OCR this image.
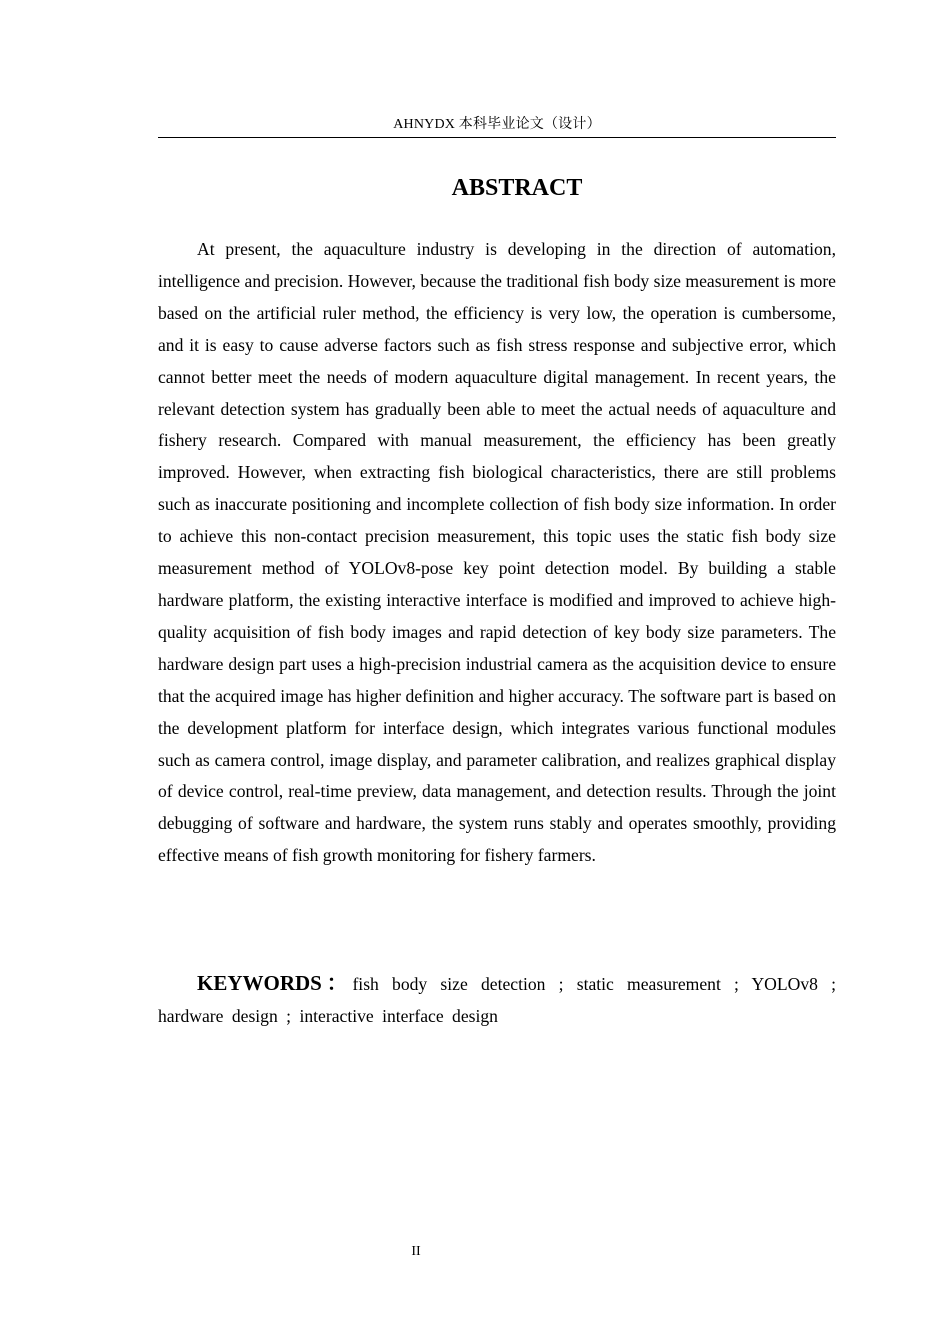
AHNYDX 本科毕业论文（设计）
ABSTRACT

At present, the aquaculture industry is developing in the direction of automation, intelligence and precision. However, because the traditional fish body size measurement is more based on the artificial ruler method, the efficiency is very low, the operation is cumbersome, and it is easy to cause adverse factors such as fish stress response and subjective error, which cannot better meet the needs of modern aquaculture digital management. In recent years, the relevant detection system has gradually been able to meet the actual needs of aquaculture and fishery research. Compared with manual measurement, the efficiency has been greatly improved. However, when extracting fish biological characteristics, there are still problems such as inaccurate positioning and incomplete collection of fish body size information. In order to achieve this non-contact precision measurement, this topic uses the static fish body size measurement method of YOLOv8-pose key point detection model. By building a stable hardware platform, the existing interactive interface is modified and improved to achieve high-quality acquisition of fish body images and rapid detection of key body size parameters. The hardware design part uses a high-precision industrial camera as the acquisition device to ensure that the acquired image has higher definition and higher accuracy. The software part is based on the development platform for interface design, which integrates various functional modules such as camera control, image display, and parameter calibration, and realizes graphical display of device control, real-time preview, data management, and detection results. Through the joint debugging of software and hardware, the system runs stably and operates smoothly, providing effective means of fish growth monitoring for fishery farmers.

KEYWORDS：fish body size detection ; static measurement ; YOLOv8 ; hardware design ; interactive interface design

II
